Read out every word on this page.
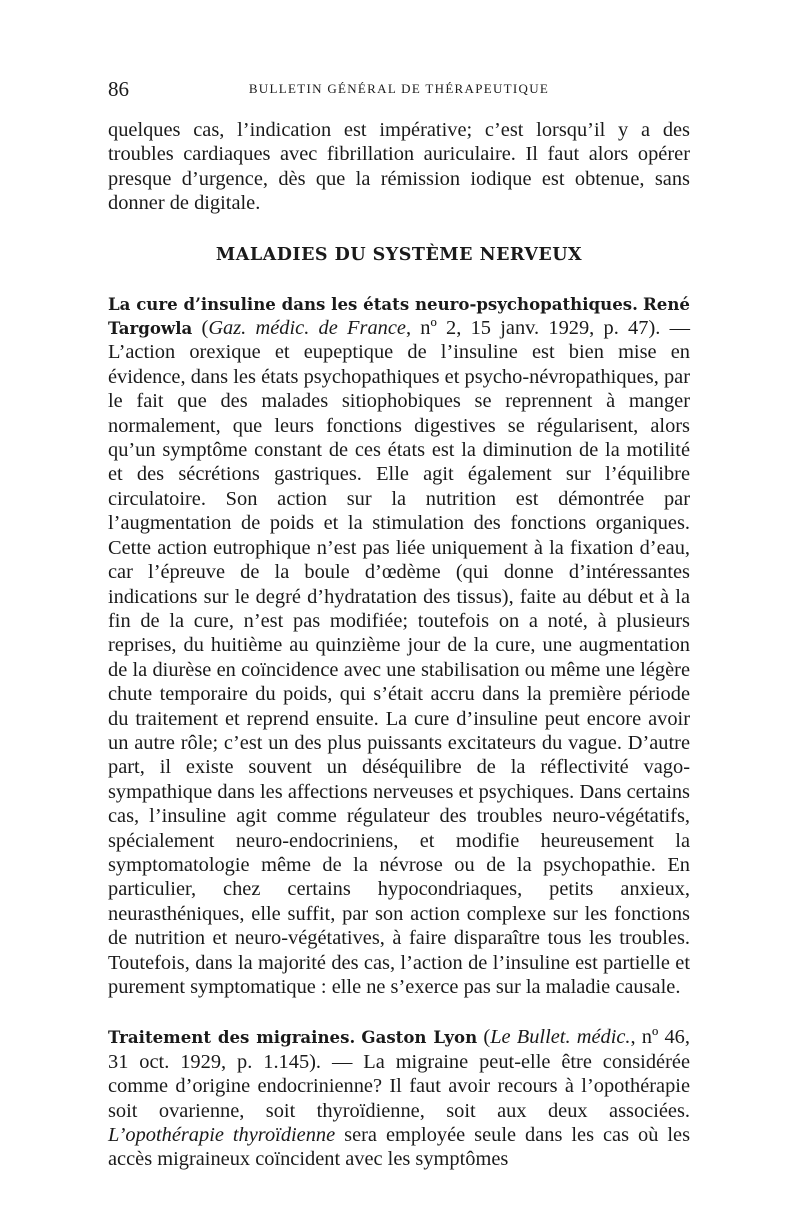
86	BULLETIN GÉNÉRAL DE THÉRAPEUTIQUE

quelques cas, l’indication est impérative; c’est lorsqu’il y a des troubles cardiaques avec fibrillation auriculaire. Il faut alors opérer presque d’urgence, dès que la rémission iodique est obtenue, sans donner de digitale.

MALADIES DU SYSTÈME NERVEUX

La cure d’insuline dans les états neuro-psychopathiques. René Targowla (Gaz. médic. de France, nº 2, 15 janv. 1929, p. 47). — L’action orexique et eupeptique de l’insuline est bien mise en évidence, dans les états psychopathiques et psycho-névropathiques, par le fait que des malades sitiophobiques se reprennent à manger normalement, que leurs fonctions digestives se régularisent, alors qu’un symptôme constant de ces états est la diminution de la motilité et des sécrétions gastriques. Elle agit également sur l’équilibre circulatoire. Son action sur la nutrition est démontrée par l’augmentation de poids et la stimulation des fonctions organiques. Cette action eutrophique n’est pas liée uniquement à la fixation d’eau, car l’épreuve de la boule d’œdème (qui donne d’intéressantes indications sur le degré d’hydratation des tissus), faite au début et à la fin de la cure, n’est pas modifiée; toutefois on a noté, à plusieurs reprises, du huitième au quinzième jour de la cure, une augmentation de la diurèse en coïncidence avec une stabilisation ou même une légère chute temporaire du poids, qui s’était accru dans la première période du traitement et reprend ensuite. La cure d’insuline peut encore avoir un autre rôle; c’est un des plus puissants excitateurs du vague. D’autre part, il existe souvent un déséquilibre de la réflectivité vago-sympathique dans les affections nerveuses et psychiques. Dans certains cas, l’insuline agit comme régulateur des troubles neuro-végétatifs, spécialement neuro-endocriniens, et modifie heureusement la symptomatologie même de la névrose ou de la psychopathie. En particulier, chez certains hypocondriaques, petits anxieux, neurasthéniques, elle suffit, par son action complexe sur les fonctions de nutrition et neuro-végétatives, à faire disparaître tous les troubles. Toutefois, dans la majorité des cas, l’action de l’insuline est partielle et purement symptomatique : elle ne s’exerce pas sur la maladie causale.

Traitement des migraines. Gaston Lyon (Le Bullet. médic., nº 46, 31 oct. 1929, p. 1.145). — La migraine peut-elle être considérée comme d’origine endocrinienne? Il faut avoir recours à l’opothérapie soit ovarienne, soit thyroïdienne, soit aux deux associées. L’opothérapie thyroïdienne sera employée seule dans les cas où les accès migraineux coïncident avec les symptômes
